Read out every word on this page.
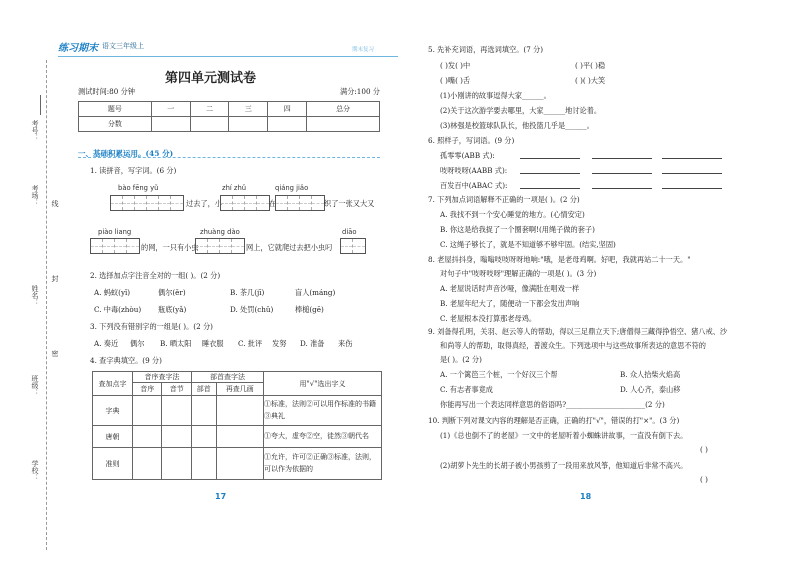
练习期末 语文三年级上	期末复习
考号：
考场：
姓名：
班级：
学校：
线
封
密
第四单元测试卷
测试时间:80 分钟	满分:100 分
题号	一	二	三	四	总分
分数					
一、基础积累运用。(45 分)
1. 读拼音，写字词。(6 分)
bào fēng yǔ	zhí zhǔ	qiáng jiǎo
过去了，小	在	织了一张又大又
piào liang	zhuàng dào	diāo
的网，一只有小虫	网上，它就爬过去把小虫叼
2. 选择加点字注音全对的一组( )。(2 分)
A. 蚂蚁(yǐ)	偶尔(ěr)	B. 茶几(jī)	盲人(máng)
C. 中毒(zhòu) 瓶底(yǎ)	D. 处罚(chǔ)	棒槌(gē)
3. 下列没有错别字的一组是( )。(2 分)
A. 奏近 偶尔 B. 晒太阳 睡衣服 C. 批评 发努 D. 准备 来伤
4. 查字典填空。(9 分)
查加点字	音序查字法		部首查字法		用"√"选出字义
	音序	音节	部首	再查几画	
字典					①标准，法则②可以用作标准的书籍③典礼
唐朝					①夸大，虚夸②空，徒然③朝代名
准则					①允许，许可②正确③标准，法则，可以作为依据的
17
5. 先补充词语，再选词填空。(7 分)
( )发( )中	( )平( )稳
( )嘴( )舌	( )( )大笑
(1)小刚讲的故事逗得大家______。
(2)关于这次游学要去哪里，大家______地讨论着。
(3)林强是校篮球队队长，他投篮几乎是______。
6. 照样子，写词语。(9 分)
孤零零(ABB 式):
吱呀吱呀(AABB 式):
百发百中(ABAC 式):
7. 下列加点词语解释不正确的一项是( )。(2 分)
A. 我找不到一个安心睡觉的地方。(心情安定)
B. 你这是给我捉了一个圈套啊!(用绳子做的套子)
C. 这绳子够长了，就是不知道够不够牢固。(结实,坚固)
8. 老屋抖抖身，嗡嗡吱吱呀呀地响:"哦，是老母鸡啊。好吧，我就再站二十一天。"
对句子中"吱呀吱呀"理解正确的一项是( )。(3 分)
A. 老屋说话时声音沙哑，像满肚在唱戏一样
B. 老屋年纪大了，随便动一下都会发出声响
C. 老屋根本没打算那老母鸡。
9. 刘备得孔明，关羽、赵云等人的帮助，得以三足鼎立天下;唐僧得三藏得挣悟空、猪八戒、沙
和尚等人的帮助，取得真经，普渡众生。下列选项中与这些故事所表达的意思不符的
是( )。(2 分)
A. 一个篱笆三个桩，一个好汉三个帮	B. 众人拾柴火焰高
C. 有志者事竟成	D. 人心齐，泰山移
你能再写出一个表达同样意思的俗语吗?______________________(2 分)
10. 判断下列对课文内容的理解是否正确，正确的打"√"，错误的打"×"。(3 分)
(1)《总也倒不了的老屋》一文中的老屋听着小蜘蛛讲故事，一直没有倒下去。
( )
(2)胡萝卜先生的长胡子被小男孩剪了一段用来放风筝，他知道后非常不高兴。
( )
18
